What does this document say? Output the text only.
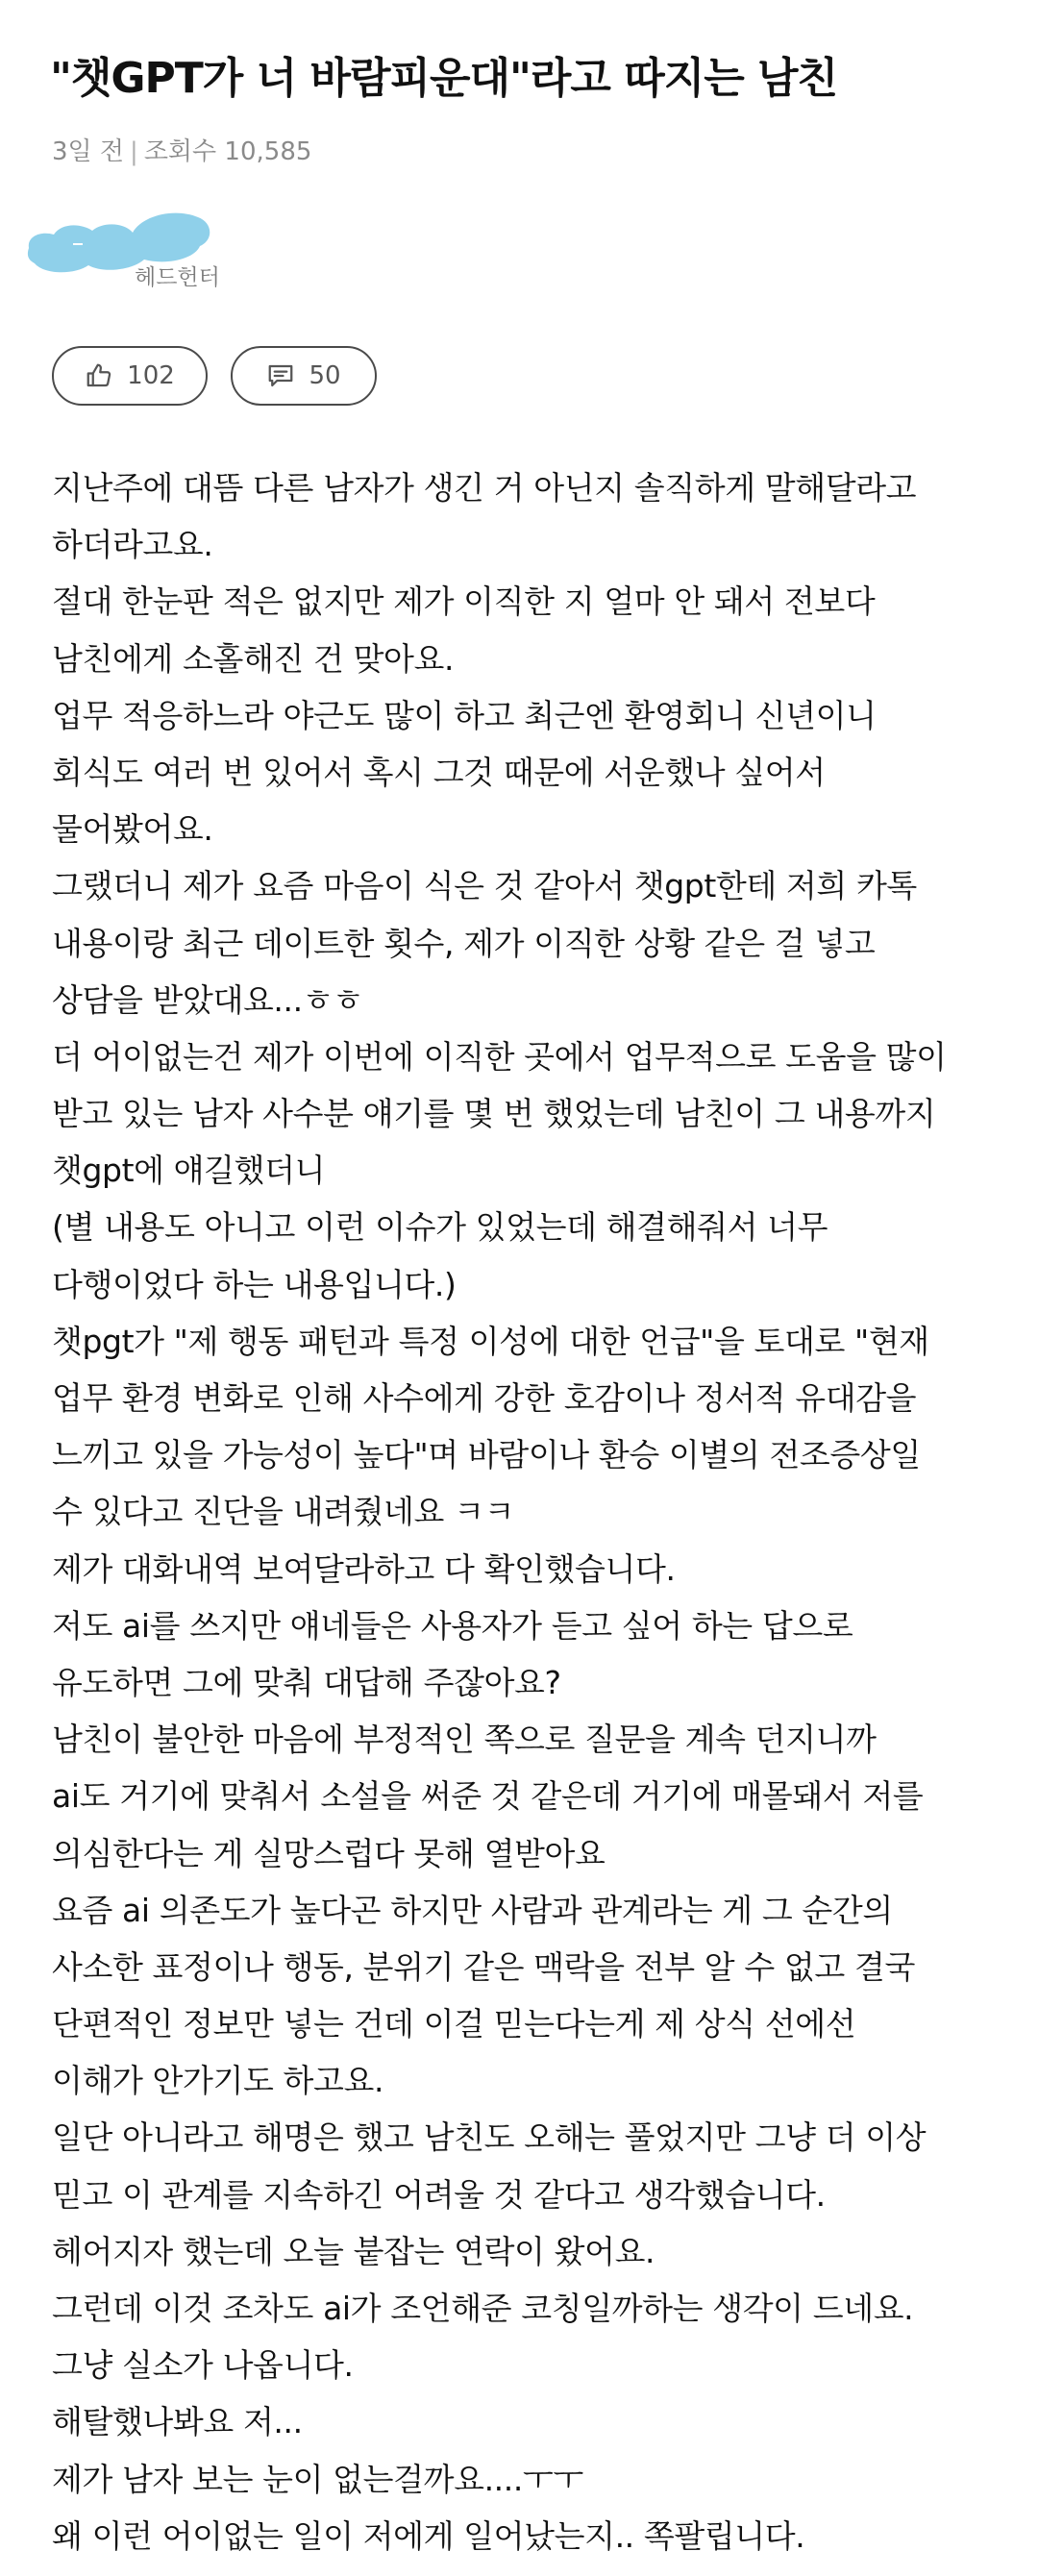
"챗GPT가 너 바람피운대"라고 따지는 남친
3일 전 | 조회수 10,585
헤드헌터
102	50
지난주에 대뜸 다른 남자가 생긴 거 아닌지 솔직하게 말해달라고
하더라고요.
절대 한눈판 적은 없지만 제가 이직한 지 얼마 안 돼서 전보다
남친에게 소홀해진 건 맞아요.
업무 적응하느라 야근도 많이 하고 최근엔 환영회니 신년이니
회식도 여러 번 있어서 혹시 그것 때문에 서운했나 싶어서
물어봤어요.
그랬더니 제가 요즘 마음이 식은 것 같아서 챗gpt한테 저희 카톡
내용이랑 최근 데이트한 횟수, 제가 이직한 상황 같은 걸 넣고
상담을 받았대요...ㅎㅎ
더 어이없는건 제가 이번에 이직한 곳에서 업무적으로 도움을 많이
받고 있는 남자 사수분 얘기를 몇 번 했었는데 남친이 그 내용까지
챗gpt에 얘길했더니
(별 내용도 아니고 이런 이슈가 있었는데 해결해줘서 너무
다행이었다 하는 내용입니다.)
챗pgt가 "제 행동 패턴과 특정 이성에 대한 언급"을 토대로 "현재
업무 환경 변화로 인해 사수에게 강한 호감이나 정서적 유대감을
느끼고 있을 가능성이 높다"며 바람이나 환승 이별의 전조증상일
수 있다고 진단을 내려줬네요 ㅋㅋ
제가 대화내역 보여달라하고 다 확인했습니다.
저도 ai를 쓰지만 얘네들은 사용자가 듣고 싶어 하는 답으로
유도하면 그에 맞춰 대답해 주잖아요?
남친이 불안한 마음에 부정적인 쪽으로 질문을 계속 던지니까
ai도 거기에 맞춰서 소설을 써준 것 같은데 거기에 매몰돼서 저를
의심한다는 게 실망스럽다 못해 열받아요
요즘 ai 의존도가 높다곤 하지만 사람과 관계라는 게 그 순간의
사소한 표정이나 행동, 분위기 같은 맥락을 전부 알 수 없고 결국
단편적인 정보만 넣는 건데 이걸 믿는다는게 제 상식 선에선
이해가 안가기도 하고요.
일단 아니라고 해명은 했고 남친도 오해는 풀었지만 그냥 더 이상
믿고 이 관계를 지속하긴 어려울 것 같다고 생각했습니다.
헤어지자 했는데 오늘 붙잡는 연락이 왔어요.
그런데 이것 조차도 ai가 조언해준 코칭일까하는 생각이 드네요.
그냥 실소가 나옵니다.
해탈했나봐요 저...
제가 남자 보는 눈이 없는걸까요....ㅜㅜ
왜 이런 어이없는 일이 저에게 일어났는지.. 쪽팔립니다.
